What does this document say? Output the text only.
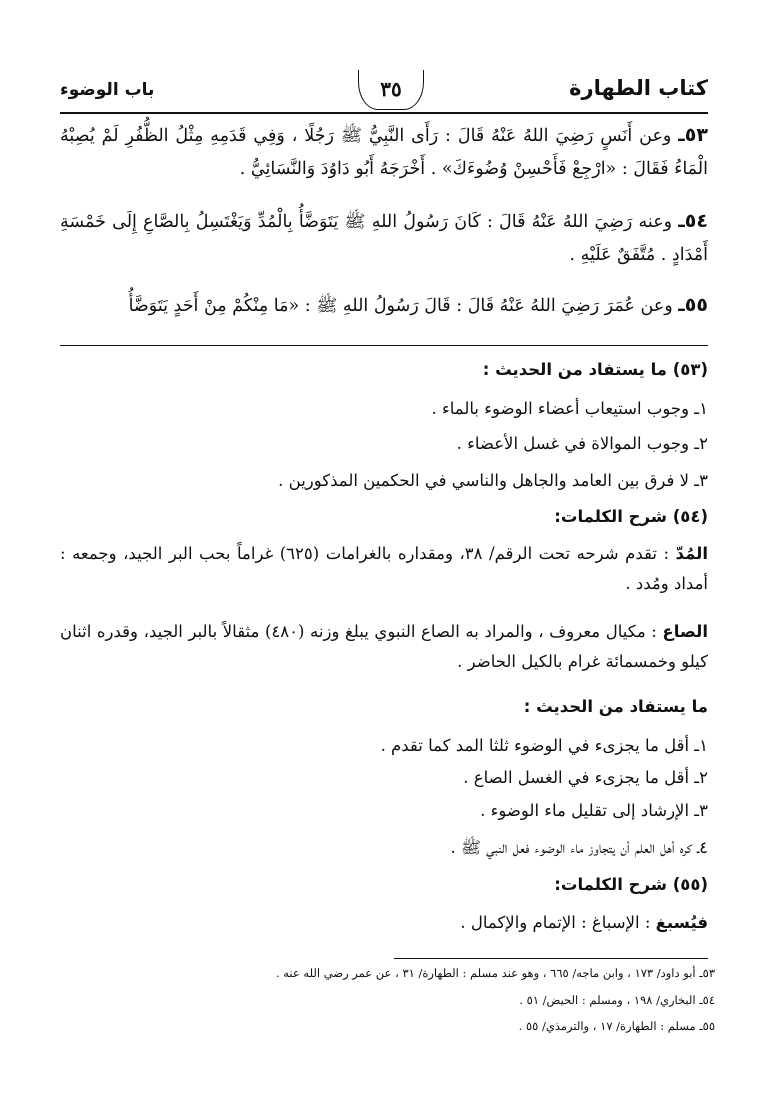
كتاب الطهارة
٣٥
باب الوضوء
٥٣ـ وعن أَنَسٍ رَضِيَ اللهُ عَنْهُ قَالَ : رَأَى النَّبِيُّ ﷺ رَجُلًا ، وَفِي قَدَمِهِ مِثْلُ الظُّفُرِ لَمْ يُصِبْهُ الْمَاءُ فَقَالَ : «ارْجِعْ فَأَحْسِنْ وُضُوءَكَ» . أَخْرَجَهُ أَبُو دَاوُدَ وَالنَّسَائِيُّ .
٥٤ـ وعنه رَضِيَ اللهُ عَنْهُ قَالَ : كَانَ رَسُولُ اللهِ ﷺ يَتَوَضَّأُ بِالْمُدِّ وَيَغْتَسِلُ بِالصَّاعِ إِلَى خَمْسَةِ أَمْدَادٍ . مُتَّفَقٌ عَلَيْهِ .
٥٥ـ وعن عُمَرَ رَضِيَ اللهُ عَنْهُ قَالَ : قَالَ رَسُولُ اللهِ ﷺ : «مَا مِنْكُمْ مِنْ أَحَدٍ يَتَوَضَّأُ
(٥٣) ما يستفاد من الحديث :
١ـ وجوب استيعاب أعضاء الوضوء بالماء .
٢ـ وجوب الموالاة في غسل الأعضاء .
٣ـ لا فرق بين العامد والجاهل والناسي في الحكمين المذكورين .
(٥٤) شرح الكلمات:
المُدّ : تقدم شرحه تحت الرقم/ ٣٨، ومقداره بالغرامات (٦٢٥) غراماً بحب البر الجيد، وجمعه : أمداد ومُدد .
الصاع : مكيال معروف ، والمراد به الصاع النبوي يبلغ وزنه (٤٨٠) مثقالاً بالبر الجيد، وقدره اثنان كيلو وخمسمائة غرام بالكيل الحاضر .
ما يستفاد من الحديث :
١ـ أقل ما يجزىء في الوضوء ثلثا المد كما تقدم .
٢ـ أقل ما يجزىء في الغسل الصاع .
٣ـ الإرشاد إلى تقليل ماء الوضوء .
٤ـ كره أهل العلم أن يتجاوز ماء الوضوء فعل النبي ﷺ .
(٥٥) شرح الكلمات:
فيُسبغ : الإسباغ : الإتمام والإكمال .
٥٣ـ أبو داود/ ١٧٣ ، وابن ماجه/ ٦٦٥ ، وهو عند مسلم : الطهارة/ ٣١ ، عن عمر رضي الله عنه .
٥٤ـ البخاري/ ١٩٨ ، ومسلم : الحيض/ ٥١ .
٥٥ـ مسلم : الطهارة/ ١٧ ، والترمذي/ ٥٥ .
